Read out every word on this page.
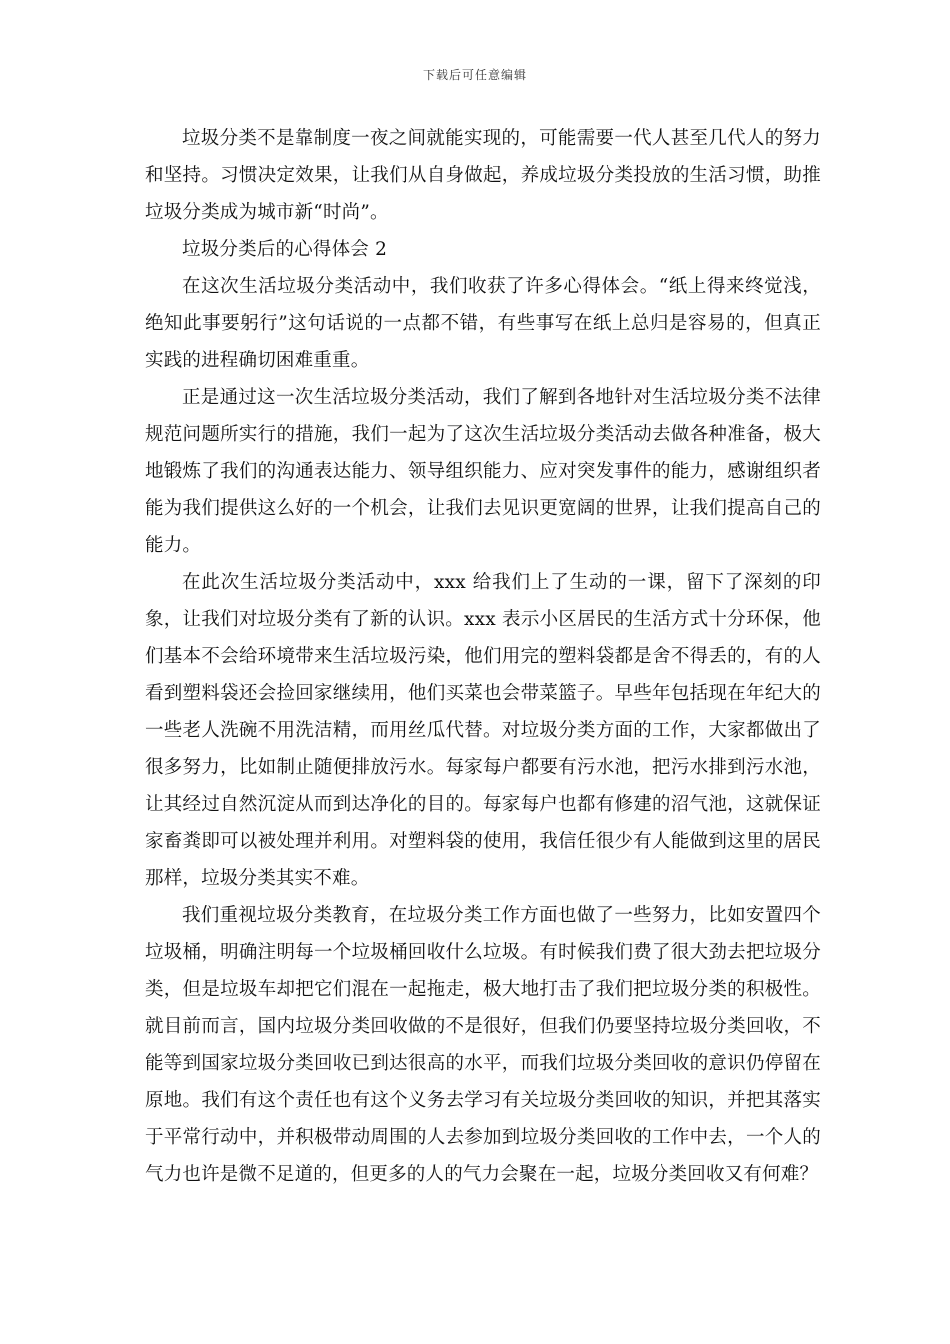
下载后可任意编辑

垃圾分类不是靠制度一夜之间就能实现的，可能需要一代人甚至几代人的努力和坚持。习惯决定效果，让我们从自身做起，养成垃圾分类投放的生活习惯，助推垃圾分类成为城市新“时尚”。

垃圾分类后的心得体会 2

在这次生活垃圾分类活动中，我们收获了许多心得体会。“纸上得来终觉浅，绝知此事要躬行”这句话说的一点都不错，有些事写在纸上总归是容易的，但真正实践的进程确切困难重重。

正是通过这一次生活垃圾分类活动，我们了解到各地针对生活垃圾分类不法律规范问题所实行的措施，我们一起为了这次生活垃圾分类活动去做各种准备，极大地锻炼了我们的沟通表达能力、领导组织能力、应对突发事件的能力，感谢组织者能为我们提供这么好的一个机会，让我们去见识更宽阔的世界，让我们提高自己的能力。

在此次生活垃圾分类活动中，xxx 给我们上了生动的一课，留下了深刻的印象，让我们对垃圾分类有了新的认识。xxx 表示小区居民的生活方式十分环保，他们基本不会给环境带来生活垃圾污染，他们用完的塑料袋都是舍不得丢的，有的人看到塑料袋还会捡回家继续用，他们买菜也会带菜篮子。早些年包括现在年纪大的一些老人洗碗不用洗洁精，而用丝瓜代替。对垃圾分类方面的工作，大家都做出了很多努力，比如制止随便排放污水。每家每户都要有污水池，把污水排到污水池，让其经过自然沉淀从而到达净化的目的。每家每户也都有修建的沼气池，这就保证家畜粪即可以被处理并利用。对塑料袋的使用，我信任很少有人能做到这里的居民那样，垃圾分类其实不难。

我们重视垃圾分类教育，在垃圾分类工作方面也做了一些努力，比如安置四个垃圾桶，明确注明每一个垃圾桶回收什么垃圾。有时候我们费了很大劲去把垃圾分类，但是垃圾车却把它们混在一起拖走，极大地打击了我们把垃圾分类的积极性。就目前而言，国内垃圾分类回收做的不是很好，但我们仍要坚持垃圾分类回收，不能等到国家垃圾分类回收已到达很高的水平，而我们垃圾分类回收的意识仍停留在原地。我们有这个责任也有这个义务去学习有关垃圾分类回收的知识，并把其落实于平常行动中，并积极带动周围的人去参加到垃圾分类回收的工作中去，一个人的气力也许是微不足道的，但更多的人的气力会聚在一起，垃圾分类回收又有何难？
